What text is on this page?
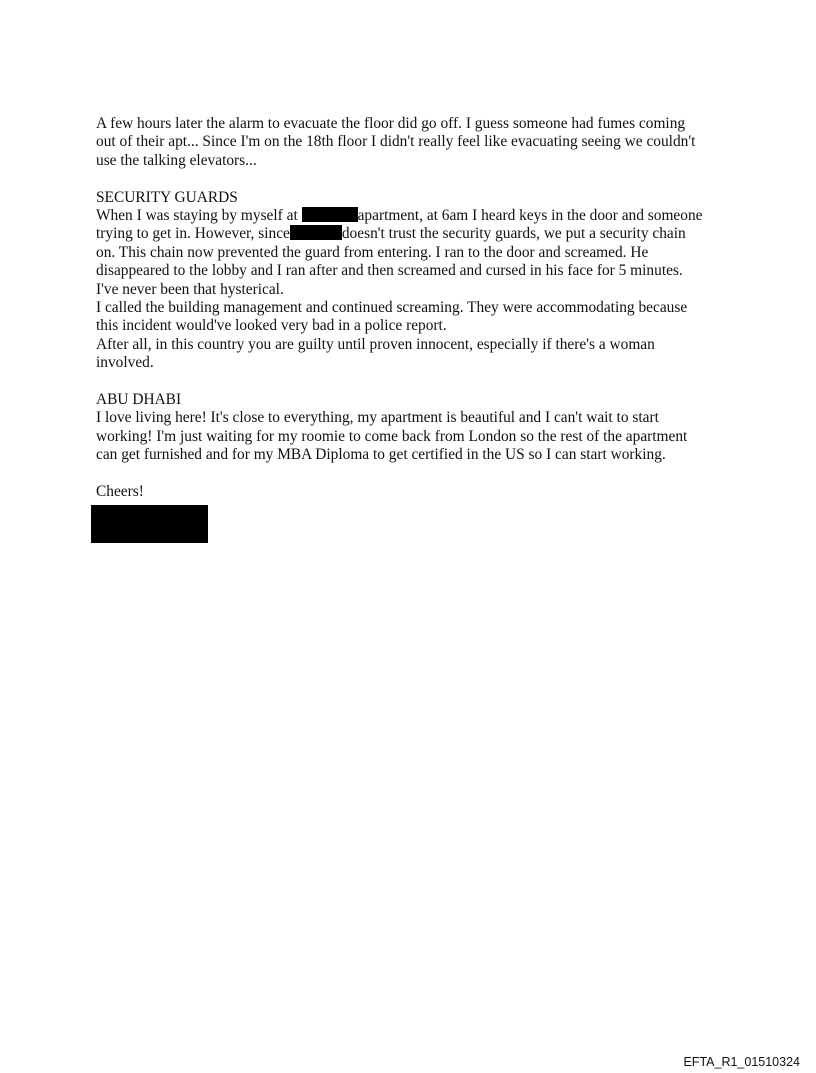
A few hours later the alarm to evacuate the floor did go off. I guess someone had fumes coming
out of their apt... Since I'm on the 18th floor I didn't really feel like evacuating seeing we couldn't
use the talking elevators...
SECURITY GUARDS
When I was staying by myself at	apartment, at 6am I heard keys in the door and someone
trying to get in. However, since	doesn't trust the security guards, we put a security chain
on. This chain now prevented the guard from entering. I ran to the door and screamed. He
disappeared to the lobby and I ran after and then screamed and cursed in his face for 5 minutes.
I've never been that hysterical.
I called the building management and continued screaming. They were accommodating because
this incident would've looked very bad in a police report.
After all, in this country you are guilty until proven innocent, especially if there's a woman
involved.
ABU DHABI
I love living here! It's close to everything, my apartment is beautiful and I can't wait to start
working! I'm just waiting for my roomie to come back from London so the rest of the apartment
can get furnished and for my MBA Diploma to get certified in the US so I can start working.
Cheers!
EFTA_R1_01510324
